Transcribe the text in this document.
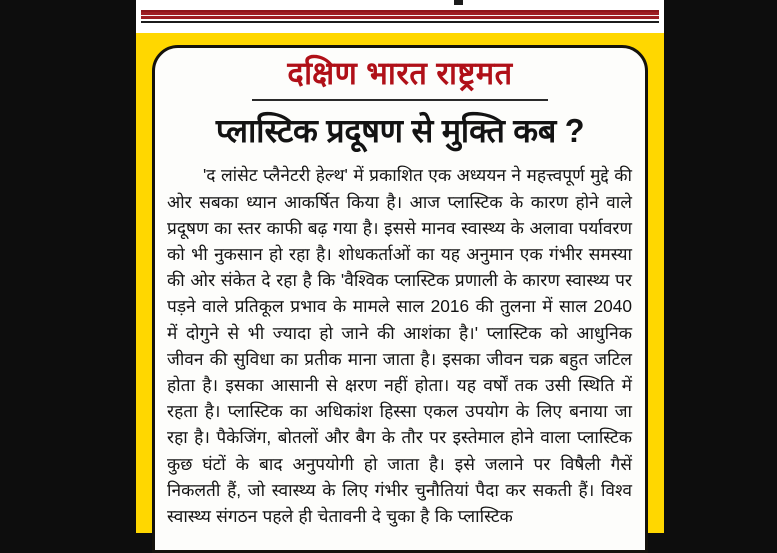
दक्षिण भारत राष्ट्रमत
प्लास्टिक प्रदूषण से मुक्ति कब ?
'द लांसेट प्लैनेटरी हेल्थ' में प्रकाशित एक अध्ययन ने महत्त्वपूर्ण मुद्दे की ओर सबका ध्यान आकर्षित किया है। आज प्लास्टिक के कारण होने वाले प्रदूषण का स्तर काफी बढ़ गया है। इससे मानव स्वास्थ्य के अलावा पर्यावरण को भी नुकसान हो रहा है। शोधकर्ताओं का यह अनुमान एक गंभीर समस्या की ओर संकेत दे रहा है कि 'वैश्विक प्लास्टिक प्रणाली के कारण स्वास्थ्य पर पड़ने वाले प्रतिकूल प्रभाव के मामले साल 2016 की तुलना में साल 2040 में दोगुने से भी ज्यादा हो जाने की आशंका है।' प्लास्टिक को आधुनिक जीवन की सुविधा का प्रतीक माना जाता है। इसका जीवन चक्र बहुत जटिल होता है। इसका आसानी से क्षरण नहीं होता। यह वर्षों तक उसी स्थिति में रहता है। प्लास्टिक का अधिकांश हिस्सा एकल उपयोग के लिए बनाया जा रहा है। पैकेजिंग, बोतलों और बैग के तौर पर इस्तेमाल होने वाला प्लास्टिक कुछ घंटों के बाद अनुपयोगी हो जाता है। इसे जलाने पर विषैली गैसें निकलती हैं, जो स्वास्थ्य के लिए गंभीर चुनौतियां पैदा कर सकती हैं। विश्व स्वास्थ्य संगठन पहले ही चेतावनी दे चुका है कि प्लास्टिक
